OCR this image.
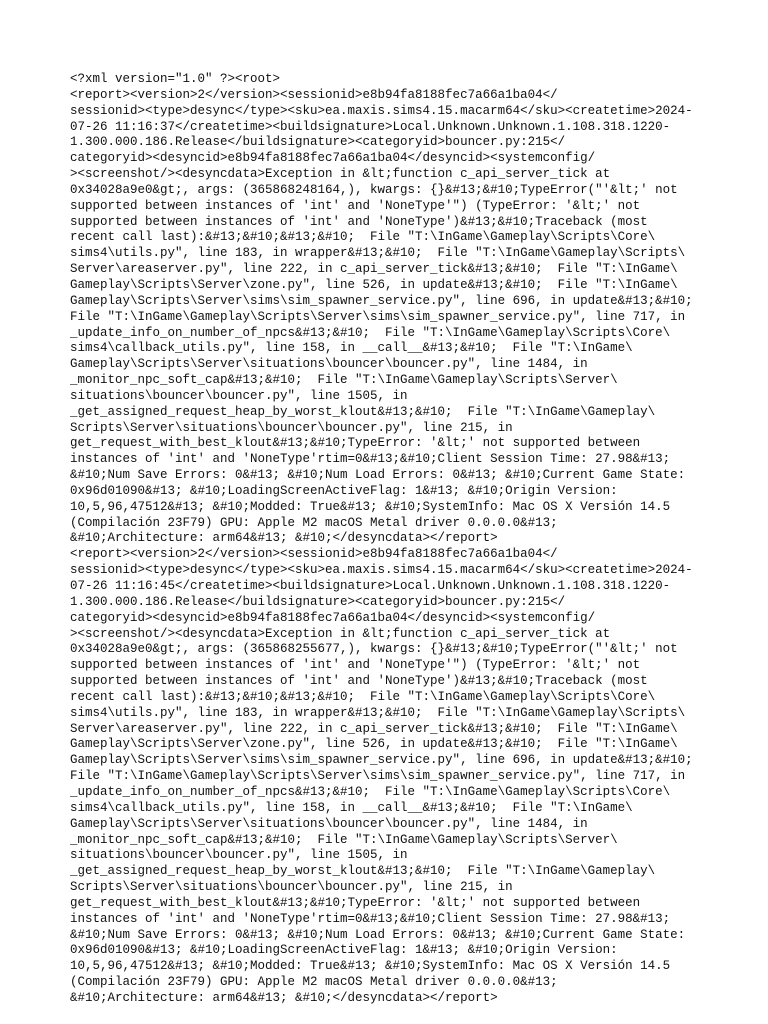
<?xml version="1.0" ?><root>
<report><version>2</version><sessionid>e8b94fa8188fec7a66a1ba04</
sessionid><type>desync</type><sku>ea.maxis.sims4.15.macarm64</sku><createtime>2024-
07-26 11:16:37</createtime><buildsignature>Local.Unknown.Unknown.1.108.318.1220-
1.300.000.186.Release</buildsignature><categoryid>bouncer.py:215</
categoryid><desyncid>e8b94fa8188fec7a66a1ba04</desyncid><systemconfig/
><screenshot/><desyncdata>Exception in &lt;function c_api_server_tick at
0x34028a9e0&gt;, args: (365868248164,), kwargs: {}&#13;&#10;TypeError("'&lt;' not
supported between instances of 'int' and 'NoneType'") (TypeError: '&lt;' not
supported between instances of 'int' and 'NoneType')&#13;&#10;Traceback (most
recent call last):&#13;&#10;&#13;&#10;  File "T:\InGame\Gameplay\Scripts\Core\
sims4\utils.py", line 183, in wrapper&#13;&#10;  File "T:\InGame\Gameplay\Scripts\
Server\areaserver.py", line 222, in c_api_server_tick&#13;&#10;  File "T:\InGame\
Gameplay\Scripts\Server\zone.py", line 526, in update&#13;&#10;  File "T:\InGame\
Gameplay\Scripts\Server\sims\sim_spawner_service.py", line 696, in update&#13;&#10;
File "T:\InGame\Gameplay\Scripts\Server\sims\sim_spawner_service.py", line 717, in
_update_info_on_number_of_npcs&#13;&#10;  File "T:\InGame\Gameplay\Scripts\Core\
sims4\callback_utils.py", line 158, in __call__&#13;&#10;  File "T:\InGame\
Gameplay\Scripts\Server\situations\bouncer\bouncer.py", line 1484, in
_monitor_npc_soft_cap&#13;&#10;  File "T:\InGame\Gameplay\Scripts\Server\
situations\bouncer\bouncer.py", line 1505, in
_get_assigned_request_heap_by_worst_klout&#13;&#10;  File "T:\InGame\Gameplay\
Scripts\Server\situations\bouncer\bouncer.py", line 215, in
get_request_with_best_klout&#13;&#10;TypeError: '&lt;' not supported between
instances of 'int' and 'NoneType'rtim=0&#13;&#10;Client Session Time: 27.98&#13;
&#10;Num Save Errors: 0&#13; &#10;Num Load Errors: 0&#13; &#10;Current Game State:
0x96d01090&#13; &#10;LoadingScreenActiveFlag: 1&#13; &#10;Origin Version:
10,5,96,47512&#13; &#10;Modded: True&#13; &#10;SystemInfo: Mac OS X Versión 14.5
(Compilación 23F79) GPU: Apple M2 macOS Metal driver 0.0.0.0&#13;
&#10;Architecture: arm64&#13; &#10;</desyncdata></report>
<report><version>2</version><sessionid>e8b94fa8188fec7a66a1ba04</
sessionid><type>desync</type><sku>ea.maxis.sims4.15.macarm64</sku><createtime>2024-
07-26 11:16:45</createtime><buildsignature>Local.Unknown.Unknown.1.108.318.1220-
1.300.000.186.Release</buildsignature><categoryid>bouncer.py:215</
categoryid><desyncid>e8b94fa8188fec7a66a1ba04</desyncid><systemconfig/
><screenshot/><desyncdata>Exception in &lt;function c_api_server_tick at
0x34028a9e0&gt;, args: (365868255677,), kwargs: {}&#13;&#10;TypeError("'&lt;' not
supported between instances of 'int' and 'NoneType'") (TypeError: '&lt;' not
supported between instances of 'int' and 'NoneType')&#13;&#10;Traceback (most
recent call last):&#13;&#10;&#13;&#10;  File "T:\InGame\Gameplay\Scripts\Core\
sims4\utils.py", line 183, in wrapper&#13;&#10;  File "T:\InGame\Gameplay\Scripts\
Server\areaserver.py", line 222, in c_api_server_tick&#13;&#10;  File "T:\InGame\
Gameplay\Scripts\Server\zone.py", line 526, in update&#13;&#10;  File "T:\InGame\
Gameplay\Scripts\Server\sims\sim_spawner_service.py", line 696, in update&#13;&#10;
File "T:\InGame\Gameplay\Scripts\Server\sims\sim_spawner_service.py", line 717, in
_update_info_on_number_of_npcs&#13;&#10;  File "T:\InGame\Gameplay\Scripts\Core\
sims4\callback_utils.py", line 158, in __call__&#13;&#10;  File "T:\InGame\
Gameplay\Scripts\Server\situations\bouncer\bouncer.py", line 1484, in
_monitor_npc_soft_cap&#13;&#10;  File "T:\InGame\Gameplay\Scripts\Server\
situations\bouncer\bouncer.py", line 1505, in
_get_assigned_request_heap_by_worst_klout&#13;&#10;  File "T:\InGame\Gameplay\
Scripts\Server\situations\bouncer\bouncer.py", line 215, in
get_request_with_best_klout&#13;&#10;TypeError: '&lt;' not supported between
instances of 'int' and 'NoneType'rtim=0&#13;&#10;Client Session Time: 27.98&#13;
&#10;Num Save Errors: 0&#13; &#10;Num Load Errors: 0&#13; &#10;Current Game State:
0x96d01090&#13; &#10;LoadingScreenActiveFlag: 1&#13; &#10;Origin Version:
10,5,96,47512&#13; &#10;Modded: True&#13; &#10;SystemInfo: Mac OS X Versión 14.5
(Compilación 23F79) GPU: Apple M2 macOS Metal driver 0.0.0.0&#13;
&#10;Architecture: arm64&#13; &#10;</desyncdata></report>
